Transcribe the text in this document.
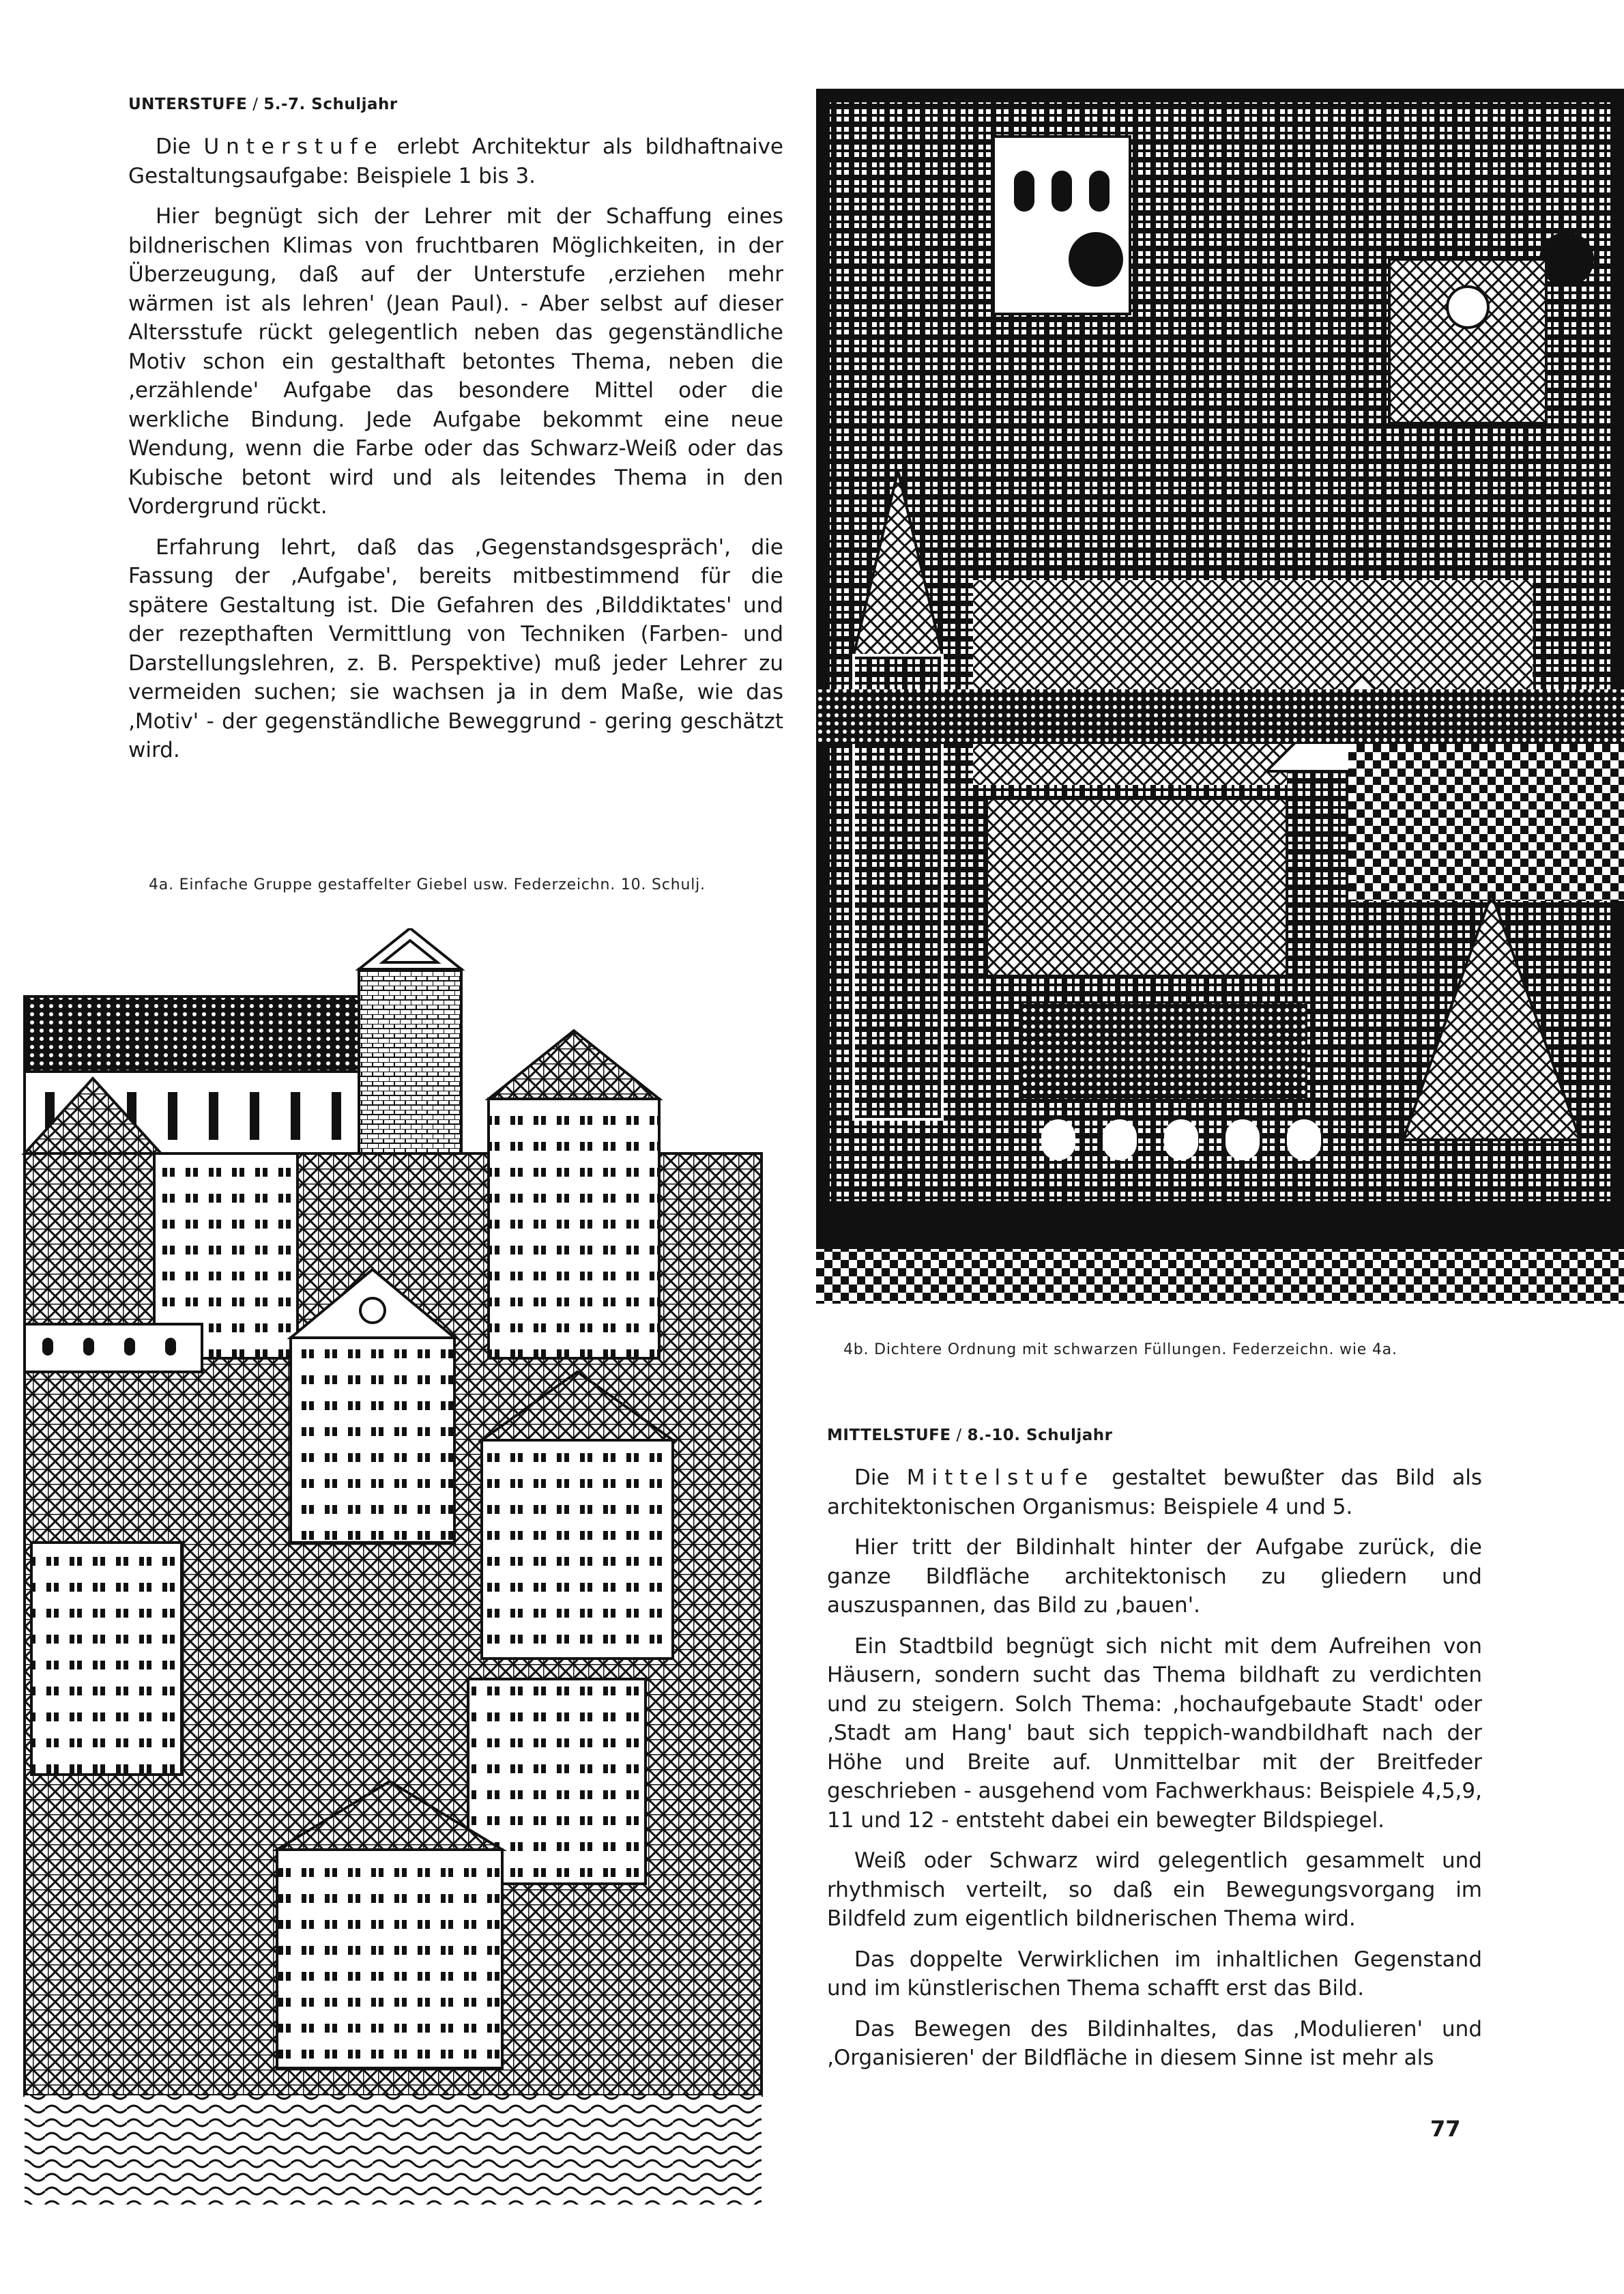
UNTERSTUFE / 5.-7. Schuljahr

Die Unterstufe erlebt Architektur als bildhaftnaive Gestaltungsaufgabe: Beispiele 1 bis 3.

Hier begnügt sich der Lehrer mit der Schaffung eines bildnerischen Klimas von fruchtbaren Möglichkeiten, in der Überzeugung, daß auf der Unterstufe ‚erziehen mehr wärmen ist als lehren' (Jean Paul). - Aber selbst auf dieser Altersstufe rückt gelegentlich neben das gegenständliche Motiv schon ein gestalthaft betontes Thema, neben die ‚erzählende' Aufgabe das besondere Mittel oder die werkliche Bindung. Jede Aufgabe bekommt eine neue Wendung, wenn die Farbe oder das Schwarz-Weiß oder das Kubische betont wird und als leitendes Thema in den Vordergrund rückt.

Erfahrung lehrt, daß das ‚Gegenstandsgespräch', die Fassung der ‚Aufgabe', bereits mitbestimmend für die spätere Gestaltung ist. Die Gefahren des ‚Bilddiktates' und der rezepthaften Vermittlung von Techniken (Farben- und Darstellungslehren, z. B. Perspektive) muß jeder Lehrer zu vermeiden suchen; sie wachsen ja in dem Maße, wie das ‚Motiv' - der gegenständliche Beweggrund - gering geschätzt wird.

4a. Einfache Gruppe gestaffelter Giebel usw. Federzeichn. 10. Schulj.
4b. Dichtere Ordnung mit schwarzen Füllungen. Federzeichn. wie 4a.
MITTELSTUFE / 8.-10. Schuljahr

Die Mittelstufe gestaltet bewußter das Bild als architektonischen Organismus: Beispiele 4 und 5.

Hier tritt der Bildinhalt hinter der Aufgabe zurück, die ganze Bildfläche architektonisch zu gliedern und auszuspannen, das Bild zu ‚bauen'.

Ein Stadtbild begnügt sich nicht mit dem Aufreihen von Häusern, sondern sucht das Thema bildhaft zu verdichten und zu steigern. Solch Thema: ‚hochaufgebaute Stadt' oder ‚Stadt am Hang' baut sich teppich-wandbildhaft nach der Höhe und Breite auf. Unmittelbar mit der Breitfeder geschrieben - ausgehend vom Fachwerkhaus: Beispiele 4,5,9, 11 und 12 - entsteht dabei ein bewegter Bildspiegel.

Weiß oder Schwarz wird gelegentlich gesammelt und rhythmisch verteilt, so daß ein Bewegungsvorgang im Bildfeld zum eigentlich bildnerischen Thema wird.

Das doppelte Verwirklichen im inhaltlichen Gegenstand und im künstlerischen Thema schafft erst das Bild.

Das Bewegen des Bildinhaltes, das ‚Modulieren' und ‚Organisieren' der Bildfläche in diesem Sinne ist mehr als

77
